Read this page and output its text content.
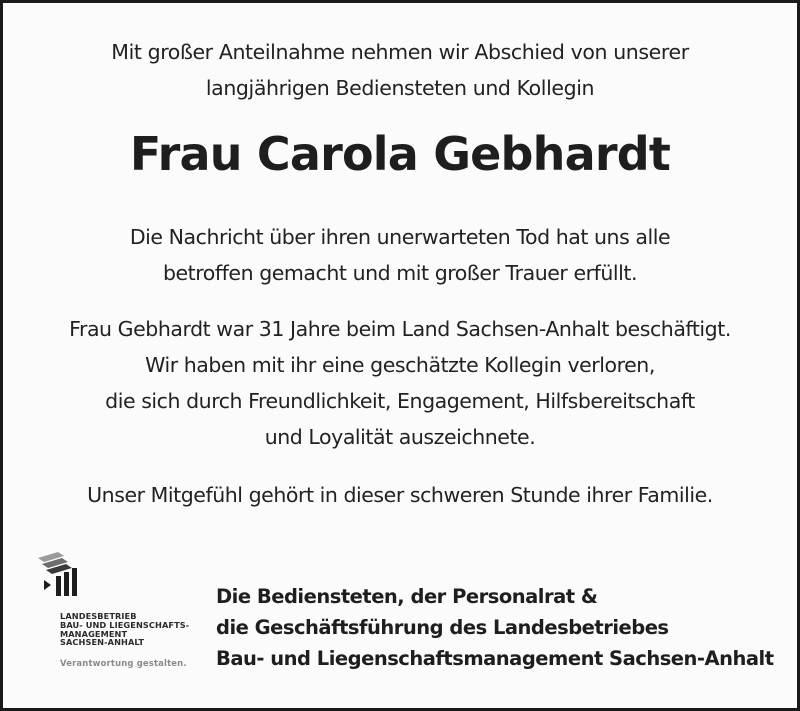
Mit großer Anteilnahme nehmen wir Abschied von unserer
langjährigen Bediensteten und Kollegin
Frau Carola Gebhardt
Die Nachricht über ihren unerwarteten Tod hat uns alle
betroffen gemacht und mit großer Trauer erfüllt.
Frau Gebhardt war 31 Jahre beim Land Sachsen-Anhalt beschäftigt.
Wir haben mit ihr eine geschätzte Kollegin verloren,
die sich durch Freundlichkeit, Engagement, Hilfsbereitschaft
und Loyalität auszeichnete.
Unser Mitgefühl gehört in dieser schweren Stunde ihrer Familie.
LANDESBETRIEB
BAU- UND LIEGENSCHAFTS-
MANAGEMENT
SACHSEN-ANHALT
Verantwortung gestalten.
Die Bediensteten, der Personalrat &
die Geschäftsführung des Landesbetriebes
Bau- und Liegenschaftsmanagement Sachsen-Anhalt
